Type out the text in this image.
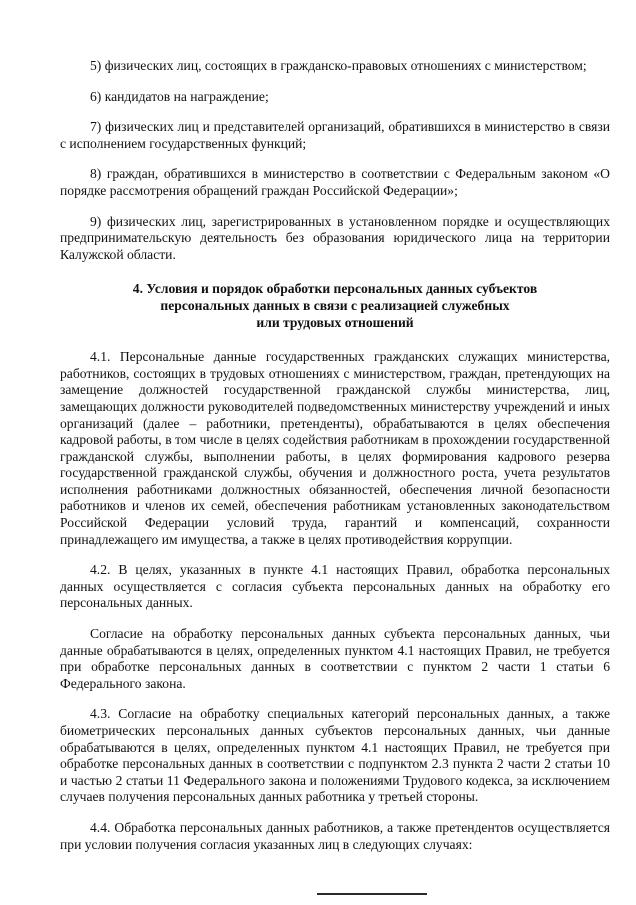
5) физических лиц, состоящих в гражданско-правовых отношениях с министерством;

6) кандидатов на награждение;

7) физических лиц и представителей организаций, обратившихся в министерство в связи с исполнением государственных функций;

8) граждан, обратившихся в министерство в соответствии с Федеральным законом «О порядке рассмотрения обращений граждан Российской Федерации»;

9) физических лиц, зарегистрированных в установленном порядке и осуществляющих предпринимательскую деятельность без образования юридического лица на территории Калужской области.

4. Условия и порядок обработки персональных данных субъектов
персональных данных в связи с реализацией служебных
или трудовых отношений

4.1. Персональные данные государственных гражданских служащих министерства, работников, состоящих в трудовых отношениях с министерством, граждан, претендующих на замещение должностей государственной гражданской службы министерства, лиц, замещающих должности руководителей подведомственных министерству учреждений и иных организаций (далее – работники, претенденты), обрабатываются в целях обеспечения кадровой работы, в том числе в целях содействия работникам в прохождении государственной гражданской службы, выполнении работы, в целях формирования кадрового резерва государственной гражданской службы, обучения и должностного роста, учета результатов исполнения работниками должностных обязанностей, обеспечения личной безопасности работников и членов их семей, обеспечения работникам установленных законодательством Российской Федерации условий труда, гарантий и компенсаций, сохранности принадлежащего им имущества, а также в целях противодействия коррупции.

4.2. В целях, указанных в пункте 4.1 настоящих Правил, обработка персональных данных осуществляется с согласия субъекта персональных данных на обработку его персональных данных.

Согласие на обработку персональных данных субъекта персональных данных, чьи данные обрабатываются в целях, определенных пунктом 4.1 настоящих Правил, не требуется при обработке персональных данных в соответствии с пунктом 2 части 1 статьи 6 Федерального закона.

4.3. Согласие на обработку специальных категорий персональных данных, а также биометрических персональных данных субъектов персональных данных, чьи данные обрабатываются в целях, определенных пунктом 4.1 настоящих Правил, не требуется при обработке персональных данных в соответствии с подпунктом 2.3 пункта 2 части 2 статьи 10 и частью 2 статьи 11 Федерального закона и положениями Трудового кодекса, за исключением случаев получения персональных данных работника у третьей стороны.

4.4. Обработка персональных данных работников, а также претендентов осуществляется при условии получения согласия указанных лиц в следующих случаях:
